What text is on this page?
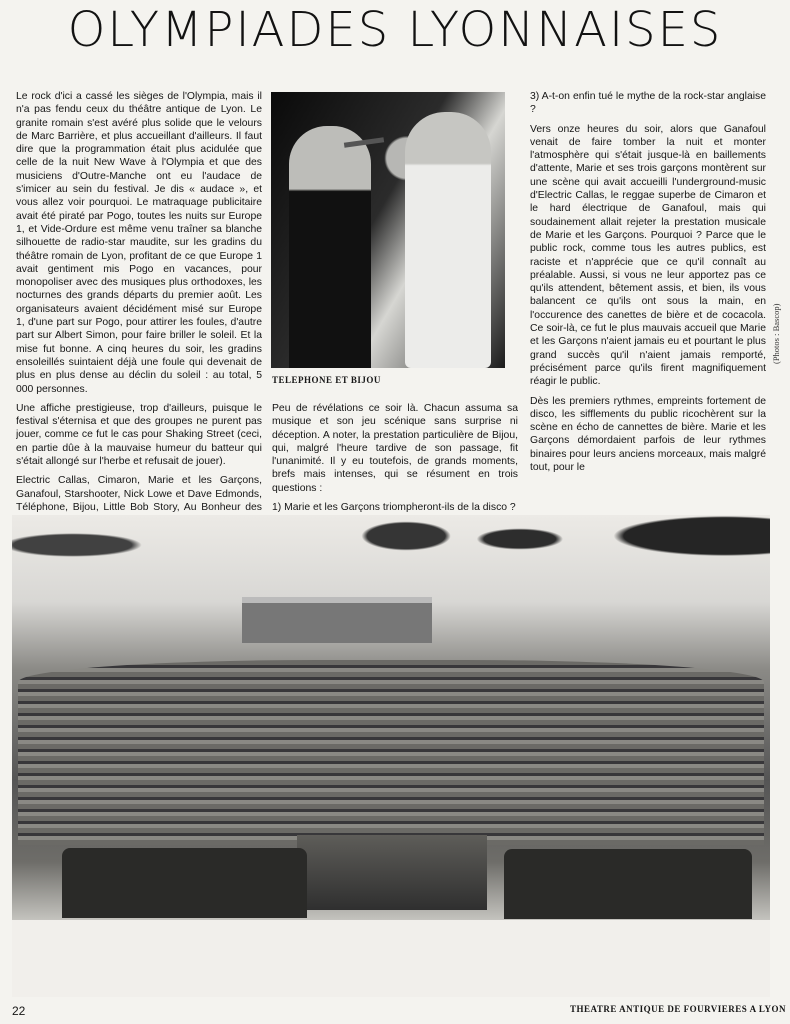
OLYMPIADES LYONNAISES

Le rock d'ici a cassé les sièges de l'Olympia, mais il n'a pas fendu ceux du théâtre antique de Lyon. Le granite romain s'est avéré plus solide que le velours de Marc Barrière, et plus accueillant d'ailleurs. Il faut dire que la programmation était plus acidulée que celle de la nuit New Wave à l'Olympia et que des musiciens d'Outre-Manche ont eu l'audace de s'imicer au sein du festival. Je dis « audace », et vous allez voir pourquoi. Le matraquage publicitaire avait été piraté par Pogo, toutes les nuits sur Europe 1, et Vide-Ordure est même venu traîner sa blanche silhouette de radio-star maudite, sur les gradins du théâtre romain de Lyon, profitant de ce que Europe 1 avait gentiment mis Pogo en vacances, pour monopoliser avec des musiques plus orthodoxes, les nocturnes des grands départs du premier août. Les organisateurs avaient décidément misé sur Europe 1, d'une part sur Pogo, pour attirer les foules, d'autre part sur Albert Simon, pour faire briller le soleil. Et la mise fut bonne. A cinq heures du soir, les gradins ensoleillés suintaient déjà une foule qui devenait de plus en plus dense au déclin du soleil : au total, 5 000 personnes.

Une affiche prestigieuse, trop d'ailleurs, puisque le festival s'éternisa et que des groupes ne purent pas jouer, comme ce fut le cas pour Shaking Street (ceci, en partie dûe à la mauvaise humeur du batteur qui s'était allongé sur l'herbe et refusait de jouer).

Electric Callas, Cimaron, Marie et les Garçons, Ganafoul, Starshooter, Nick Lowe et Dave Edmonds, Téléphone, Bijou, Little Bob Story, Au Bonheur des

TELEPHONE ET BIJOU

Peu de révélations ce soir là. Chacun assuma sa musique et son jeu scénique sans surprise ni déception. A noter, la prestation particulière de Bijou, qui, malgré l'heure tardive de son passage, fit l'unanimité. Il y eu toutefois, de grands moments, brefs mais intenses, qui se résument en trois questions :

1) Marie et les Garçons triompheront-ils de la disco ?

3) A-t-on enfin tué le mythe de la rock-star anglaise ?

Vers onze heures du soir, alors que Ganafoul venait de faire tomber la nuit et monter l'atmosphère qui s'était jusque-là en baillements d'attente, Marie et ses trois garçons montèrent sur une scène qui avait accueilli l'underground-music d'Electric Callas, le reggae superbe de Cimaron et le hard électrique de Ganafoul, mais qui soudainement allait rejeter la prestation musicale de Marie et les Garçons. Pourquoi ? Parce que le public rock, comme tous les autres publics, est raciste et n'apprécie que ce qu'il connaît au préalable. Aussi, si vous ne leur apportez pas ce qu'ils attendent, bêtement assis, et bien, ils vous balancent ce qu'ils ont sous la main, en l'occurence des canettes de bière et de cocacola. Ce soir-là, ce fut le plus mauvais accueil que Marie et les Garçons n'aient jamais eu et pourtant le plus grand succès qu'il n'aient jamais remporté, précisément parce qu'ils firent magnifiquement réagir le public.

Dès les premiers rythmes, empreints fortement de disco, les sifflements du public ricochèrent sur la scène en écho de cannettes de bière. Marie et les Garçons démordaient parfois de leur rythmes binaires pour leurs anciens morceaux, mais malgré tout, pour le

(Photos : Bascop)
22	THEATRE ANTIQUE DE FOURVIERES A LYON
